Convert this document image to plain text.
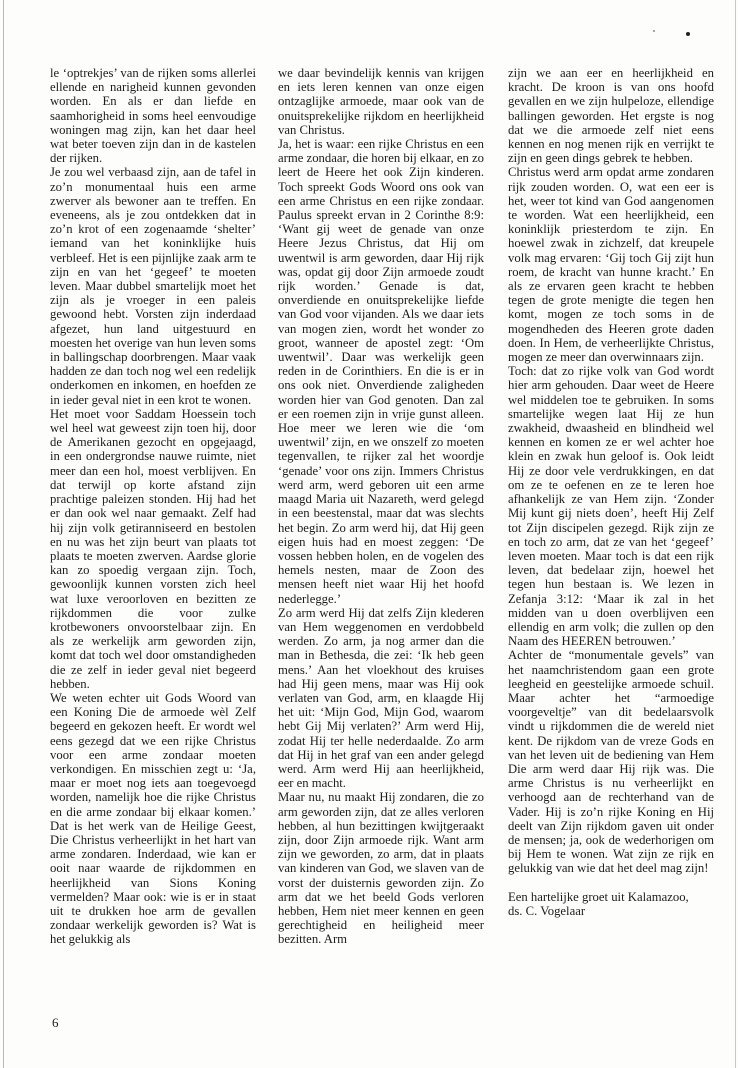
le ‘optrekjes’ van de rijken soms allerlei ellende en narigheid kunnen gevonden worden. En als er dan liefde en saamhorigheid in soms heel eenvoudige woningen mag zijn, kan het daar heel wat beter toeven zijn dan in de kastelen der rijken.

Je zou wel verbaasd zijn, aan de tafel in zo’n monumentaal huis een arme zwerver als bewoner aan te treffen. En eveneens, als je zou ontdekken dat in zo’n krot of een zogenaamde ‘shelter’ iemand van het koninklijke huis verbleef. Het is een pijnlijke zaak arm te zijn en van het ‘gegeef’ te moeten leven. Maar dubbel smartelijk moet het zijn als je vroeger in een paleis gewoond hebt. Vorsten zijn inderdaad afgezet, hun land uitgestuurd en moesten het overige van hun leven soms in ballingschap doorbrengen. Maar vaak hadden ze dan toch nog wel een redelijk onderkomen en inkomen, en hoefden ze in ieder geval niet in een krot te wonen.

Het moet voor Saddam Hoessein toch wel heel wat geweest zijn toen hij, door de Amerikanen gezocht en opgejaagd, in een ondergrondse nauwe ruimte, niet meer dan een hol, moest verblijven. En dat terwijl op korte afstand zijn prachtige paleizen stonden. Hij had het er dan ook wel naar gemaakt. Zelf had hij zijn volk getiranniseerd en bestolen en nu was het zijn beurt van plaats tot plaats te moeten zwerven. Aardse glorie kan zo spoedig vergaan zijn. Toch, gewoonlijk kunnen vorsten zich heel wat luxe veroorloven en bezitten ze rijkdommen die voor zulke krotbewoners onvoorstelbaar zijn. En als ze werkelijk arm geworden zijn, komt dat toch wel door omstandigheden die ze zelf in ieder geval niet begeerd hebben.

We weten echter uit Gods Woord van een Koning Die de armoede wèl Zelf begeerd en gekozen heeft. Er wordt wel eens gezegd dat we een rijke Christus voor een arme zondaar moeten verkondigen. En misschien zegt u: ‘Ja, maar er moet nog iets aan toegevoegd worden, namelijk hoe die rijke Christus en die arme zondaar bij elkaar komen.’ Dat is het werk van de Heilige Geest, Die Christus verheerlijkt in het hart van arme zondaren. Inderdaad, wie kan er ooit naar waarde de rijkdommen en heerlijkheid van Sions Koning vermelden? Maar ook: wie is er in staat uit te drukken hoe arm de gevallen zondaar werkelijk geworden is? Wat is het gelukkig als

we daar bevindelijk kennis van krijgen en iets leren kennen van onze eigen ontzaglijke armoede, maar ook van de onuitsprekelijke rijkdom en heerlijkheid van Christus.

Ja, het is waar: een rijke Christus en een arme zondaar, die horen bij elkaar, en zo leert de Heere het ook Zijn kinderen. Toch spreekt Gods Woord ons ook van een arme Christus en een rijke zondaar. Paulus spreekt ervan in 2 Corinthe 8:9: ‘Want gij weet de genade van onze Heere Jezus Christus, dat Hij om uwentwil is arm geworden, daar Hij rijk was, opdat gij door Zijn armoede zoudt rijk worden.’ Genade is dat, onverdiende en onuitsprekelijke liefde van God voor vijanden. Als we daar iets van mogen zien, wordt het wonder zo groot, wanneer de apostel zegt: ‘Om uwentwil’. Daar was werkelijk geen reden in de Corinthiers. En die is er in ons ook niet. Onverdiende zaligheden worden hier van God genoten. Dan zal er een roemen zijn in vrije gunst alleen. Hoe meer we leren wie die ‘om uwentwil’ zijn, en we onszelf zo moeten tegenvallen, te rijker zal het woordje ‘genade’ voor ons zijn. Immers Christus werd arm, werd geboren uit een arme maagd Maria uit Nazareth, werd gelegd in een beestenstal, maar dat was slechts het begin. Zo arm werd hij, dat Hij geen eigen huis had en moest zeggen: ‘De vossen hebben holen, en de vogelen des hemels nesten, maar de Zoon des mensen heeft niet waar Hij het hoofd nederlegge.’

Zo arm werd Hij dat zelfs Zijn klederen van Hem weggenomen en verdobbeld werden. Zo arm, ja nog armer dan die man in Bethesda, die zei: ‘Ik heb geen mens.’ Aan het vloekhout des kruises had Hij geen mens, maar was Hij ook verlaten van God, arm, en klaagde Hij het uit: ‘Mijn God, Mijn God, waarom hebt Gij Mij verlaten?’ Arm werd Hij, zodat Hij ter helle nederdaalde. Zo arm dat Hij in het graf van een ander gelegd werd. Arm werd Hij aan heerlijkheid, eer en macht.

Maar nu, nu maakt Hij zondaren, die zo arm geworden zijn, dat ze alles verloren hebben, al hun bezittingen kwijtgeraakt zijn, door Zijn armoede rijk. Want arm zijn we geworden, zo arm, dat in plaats van kinderen van God, we slaven van de vorst der duisternis geworden zijn. Zo arm dat we het beeld Gods verloren hebben, Hem niet meer kennen en geen gerechtigheid en heiligheid meer bezitten. Arm

zijn we aan eer en heerlijkheid en kracht. De kroon is van ons hoofd gevallen en we zijn hulpeloze, ellendige ballingen geworden. Het ergste is nog dat we die armoede zelf niet eens kennen en nog menen rijk en verrijkt te zijn en geen dings gebrek te hebben.

Christus werd arm opdat arme zondaren rijk zouden worden. O, wat een eer is het, weer tot kind van God aangenomen te worden. Wat een heerlijkheid, een koninklijk priesterdom te zijn. En hoewel zwak in zichzelf, dat kreupele volk mag ervaren: ‘Gij toch Gij zijt hun roem, de kracht van hunne kracht.’ En als ze ervaren geen kracht te hebben tegen de grote menigte die tegen hen komt, mogen ze toch soms in de mogendheden des Heeren grote daden doen. In Hem, de verheerlijkte Christus, mogen ze meer dan overwinnaars zijn.

Toch: dat zo rijke volk van God wordt hier arm gehouden. Daar weet de Heere wel middelen toe te gebruiken. In soms smartelijke wegen laat Hij ze hun zwakheid, dwaasheid en blindheid wel kennen en komen ze er wel achter hoe klein en zwak hun geloof is. Ook leidt Hij ze door vele verdrukkingen, en dat om ze te oefenen en ze te leren hoe afhankelijk ze van Hem zijn. ‘Zonder Mij kunt gij niets doen’, heeft Hij Zelf tot Zijn discipelen gezegd. Rijk zijn ze en toch zo arm, dat ze van het ‘gegeef’ leven moeten. Maar toch is dat een rijk leven, dat bedelaar zijn, hoewel het tegen hun bestaan is. We lezen in Zefanja 3:12: ‘Maar ik zal in het midden van u doen overblijven een ellendig en arm volk; die zullen op den Naam des HEEREN betrouwen.’

Achter de “monumentale gevels” van het naamchristendom gaan een grote leegheid en geestelijke armoede schuil. Maar achter het “armoedige voorgeveltje” van dit bedelaarsvolk vindt u rijkdommen die de wereld niet kent. De rijkdom van de vreze Gods en van het leven uit de bediening van Hem Die arm werd daar Hij rijk was. Die arme Christus is nu verheerlijkt en verhoogd aan de rechterhand van de Vader. Hij is zo’n rijke Koning en Hij deelt van Zijn rijkdom gaven uit onder de mensen; ja, ook de wederhorigen om bij Hem te wonen. Wat zijn ze rijk en gelukkig van wie dat het deel mag zijn!

Een hartelijke groet uit Kalamazoo,

ds. C. Vogelaar

6
